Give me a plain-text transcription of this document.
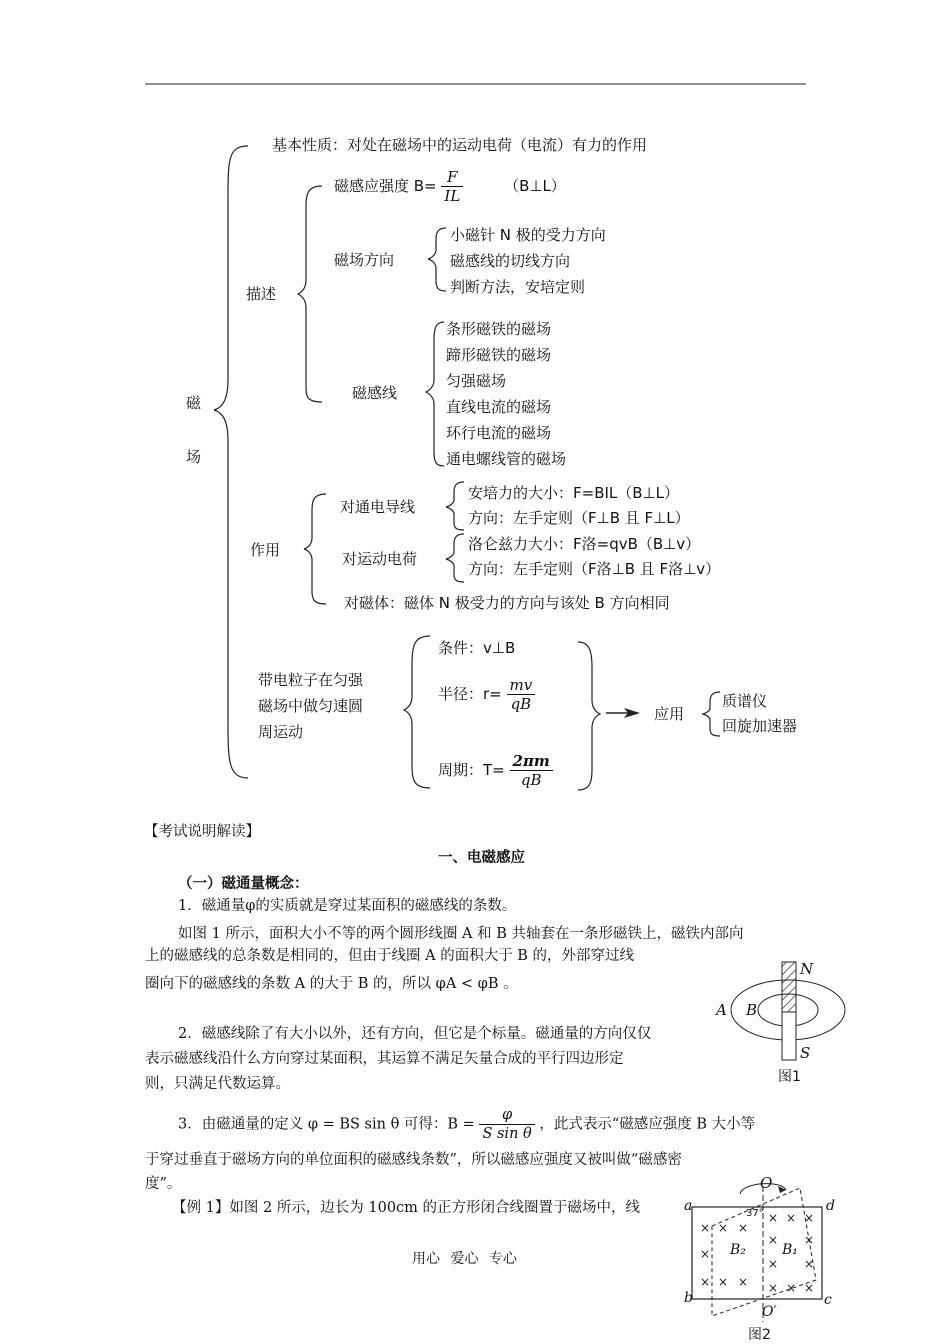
磁场
基本性质：对处在磁场中的运动电荷（电流）有力的作用
描述
磁感应强度 $B= \frac{F}{IL}$	（B⊥L）
磁场方向
小磁针 N 极的受力方向
磁感线的切线方向
判断方法，安培定则
磁感线
条形磁铁的磁场
蹄形磁铁的磁场
匀强磁场
直线电流的磁场
环行电流的磁场
通电螺线管的磁场
作用
对通电导线
安培力的大小：F=BIL（B⊥L）
方向：左手定则（F⊥B 且 F⊥L）
对运动电荷
洛仑兹力大小：F洛=qvB（B⊥v）
方向：左手定则（F洛⊥B 且 F洛⊥v）
对磁体：磁体 N 极受力的方向与该处 B 方向相同
带电粒子在匀强
磁场中做匀速圆
周运动
条件：v⊥B
半径：$r= \frac{mv}{qB}$
周期：$T= \frac{2\pi m}{qB}$
应用
质谱仪
回旋加速器
【考试说明解读】
一、电磁感应
（一）磁通量概念：
1．磁通量φ的实质就是穿过某面积的磁感线的条数。
如图 1 所示，面积大小不等的两个圆形线圈 A 和 B 共轴套在一条形磁铁上，磁铁内部向
上的磁感线的总条数是相同的，但由于线圈 A 的面积大于 B 的，外部穿过线
圈向下的磁感线的条数 A 的大于 B 的，所以 φA < φB 。
2．磁感线除了有大小以外，还有方向，但它是个标量。磁通量的方向仅仅
表示磁感线沿什么方向穿过某面积，其运算不满足矢量合成的平行四边形定
则，只满足代数运算。
3．由磁通量的定义 φ = BS sin θ 可得：$B = \frac{\varphi}{\text{S sin θ}}$ ，此式表示“磁感应强度 B 大小等
于穿过垂直于磁场方向的单位面积的磁感线条数”，所以磁感应强度又被叫做“磁感密
度”。
【例 1】如图 2 所示，边长为 100cm 的正方形闭合线圈置于磁场中，线
用心 爱心 专心
N
S
A B
图1
×
×
×
×
×
×
×
× × ×
×
×
×
×
×
×
×
a	d
b	c
O
O′
37°
B₂	B₁
图2
